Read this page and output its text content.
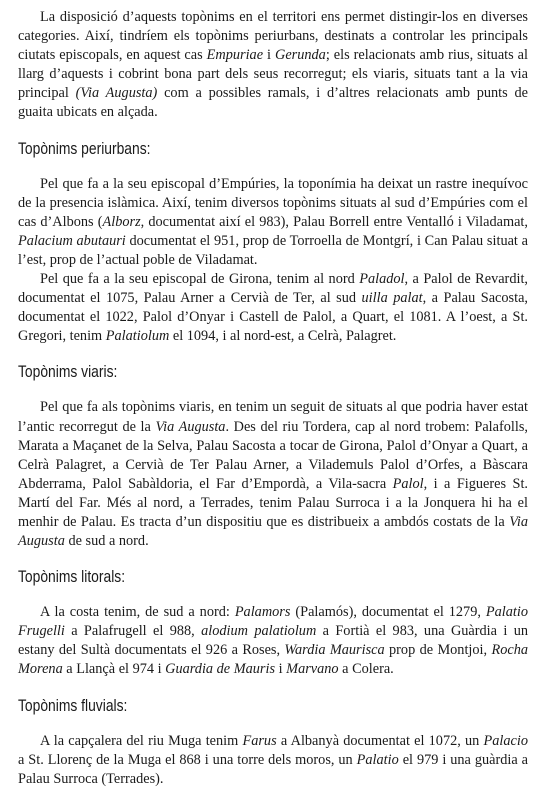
La disposició d’aquests topònims en el territori ens permet distingir-los en diverses categories. Així, tindríem els topònims periurbans, destinats a controlar les principals ciutats episcopals, en aquest cas Empuriae i Gerunda; els relacionats amb rius, situats al llarg d’aquests i cobrint bona part dels seus recorregut; els viaris, situats tant a la via principal (Via Augusta) com a possibles ramals, i d’altres relacionats amb punts de guaita ubicats en alçada.

Topònims periurbans:

Pel que fa a la seu episcopal d’Empúries, la toponímia ha deixat un rastre inequívoc de la presencia islàmica. Així, tenim diversos topònims situats al sud d’Empúries com el cas d’Albons (Alborz, documentat així el 983), Palau Borrell entre Ventalló i Viladamat, Palacium abutauri documentat el 951, prop de Torroella de Montgrí, i Can Palau situat a l’est, prop de l’actual poble de Viladamat.

Pel que fa a la seu episcopal de Girona, tenim al nord Paladol, a Palol de Revardit, documentat el 1075, Palau Arner a Cervià de Ter, al sud uilla palat, a Palau Sacosta, documentat el 1022, Palol d’Onyar i Castell de Palol, a Quart, el 1081. A l’oest, a St. Gregori, tenim Palatiolum el 1094, i al nord-est, a Celrà, Palagret.

Topònims viaris:

Pel que fa als topònims viaris, en tenim un seguit de situats al que podria haver estat l’antic recorregut de la Via Augusta. Des del riu Tordera, cap al nord trobem: Palafolls, Marata a Maçanet de la Selva, Palau Sacosta a tocar de Girona, Palol d’Onyar a Quart, a Celrà Palagret, a Cervià de Ter Palau Arner, a Vilademuls Palol d’Orfes, a Bàscara Abderrama, Palol Sabàldoria, el Far d’Empordà, a Vila-sacra Palol, i a Figueres St. Martí del Far. Més al nord, a Terrades, tenim Palau Surroca i a la Jonquera hi ha el menhir de Palau. Es tracta d’un dispositiu que es distribueix a ambdós costats de la Via Augusta de sud a nord.

Topònims litorals:

A la costa tenim, de sud a nord: Palamors (Palamós), documentat el 1279, Palatio Frugelli a Palafrugell el 988, alodium palatiolum a Fortià el 983, una Guàrdia i un estany del Sultà documentats el 926 a Roses, Wardia Maurisca prop de Montjoi, Rocha Morena a Llançà el 974 i Guardia de Mauris i Marvano a Colera.

Topònims fluvials:

A la capçalera del riu Muga tenim Farus a Albanyà documentat el 1072, un Palacio a St. Llorenç de la Muga el 868 i una torre dels moros, un Palatio el 979 i una guàrdia a Palau Surroca (Terrades).
